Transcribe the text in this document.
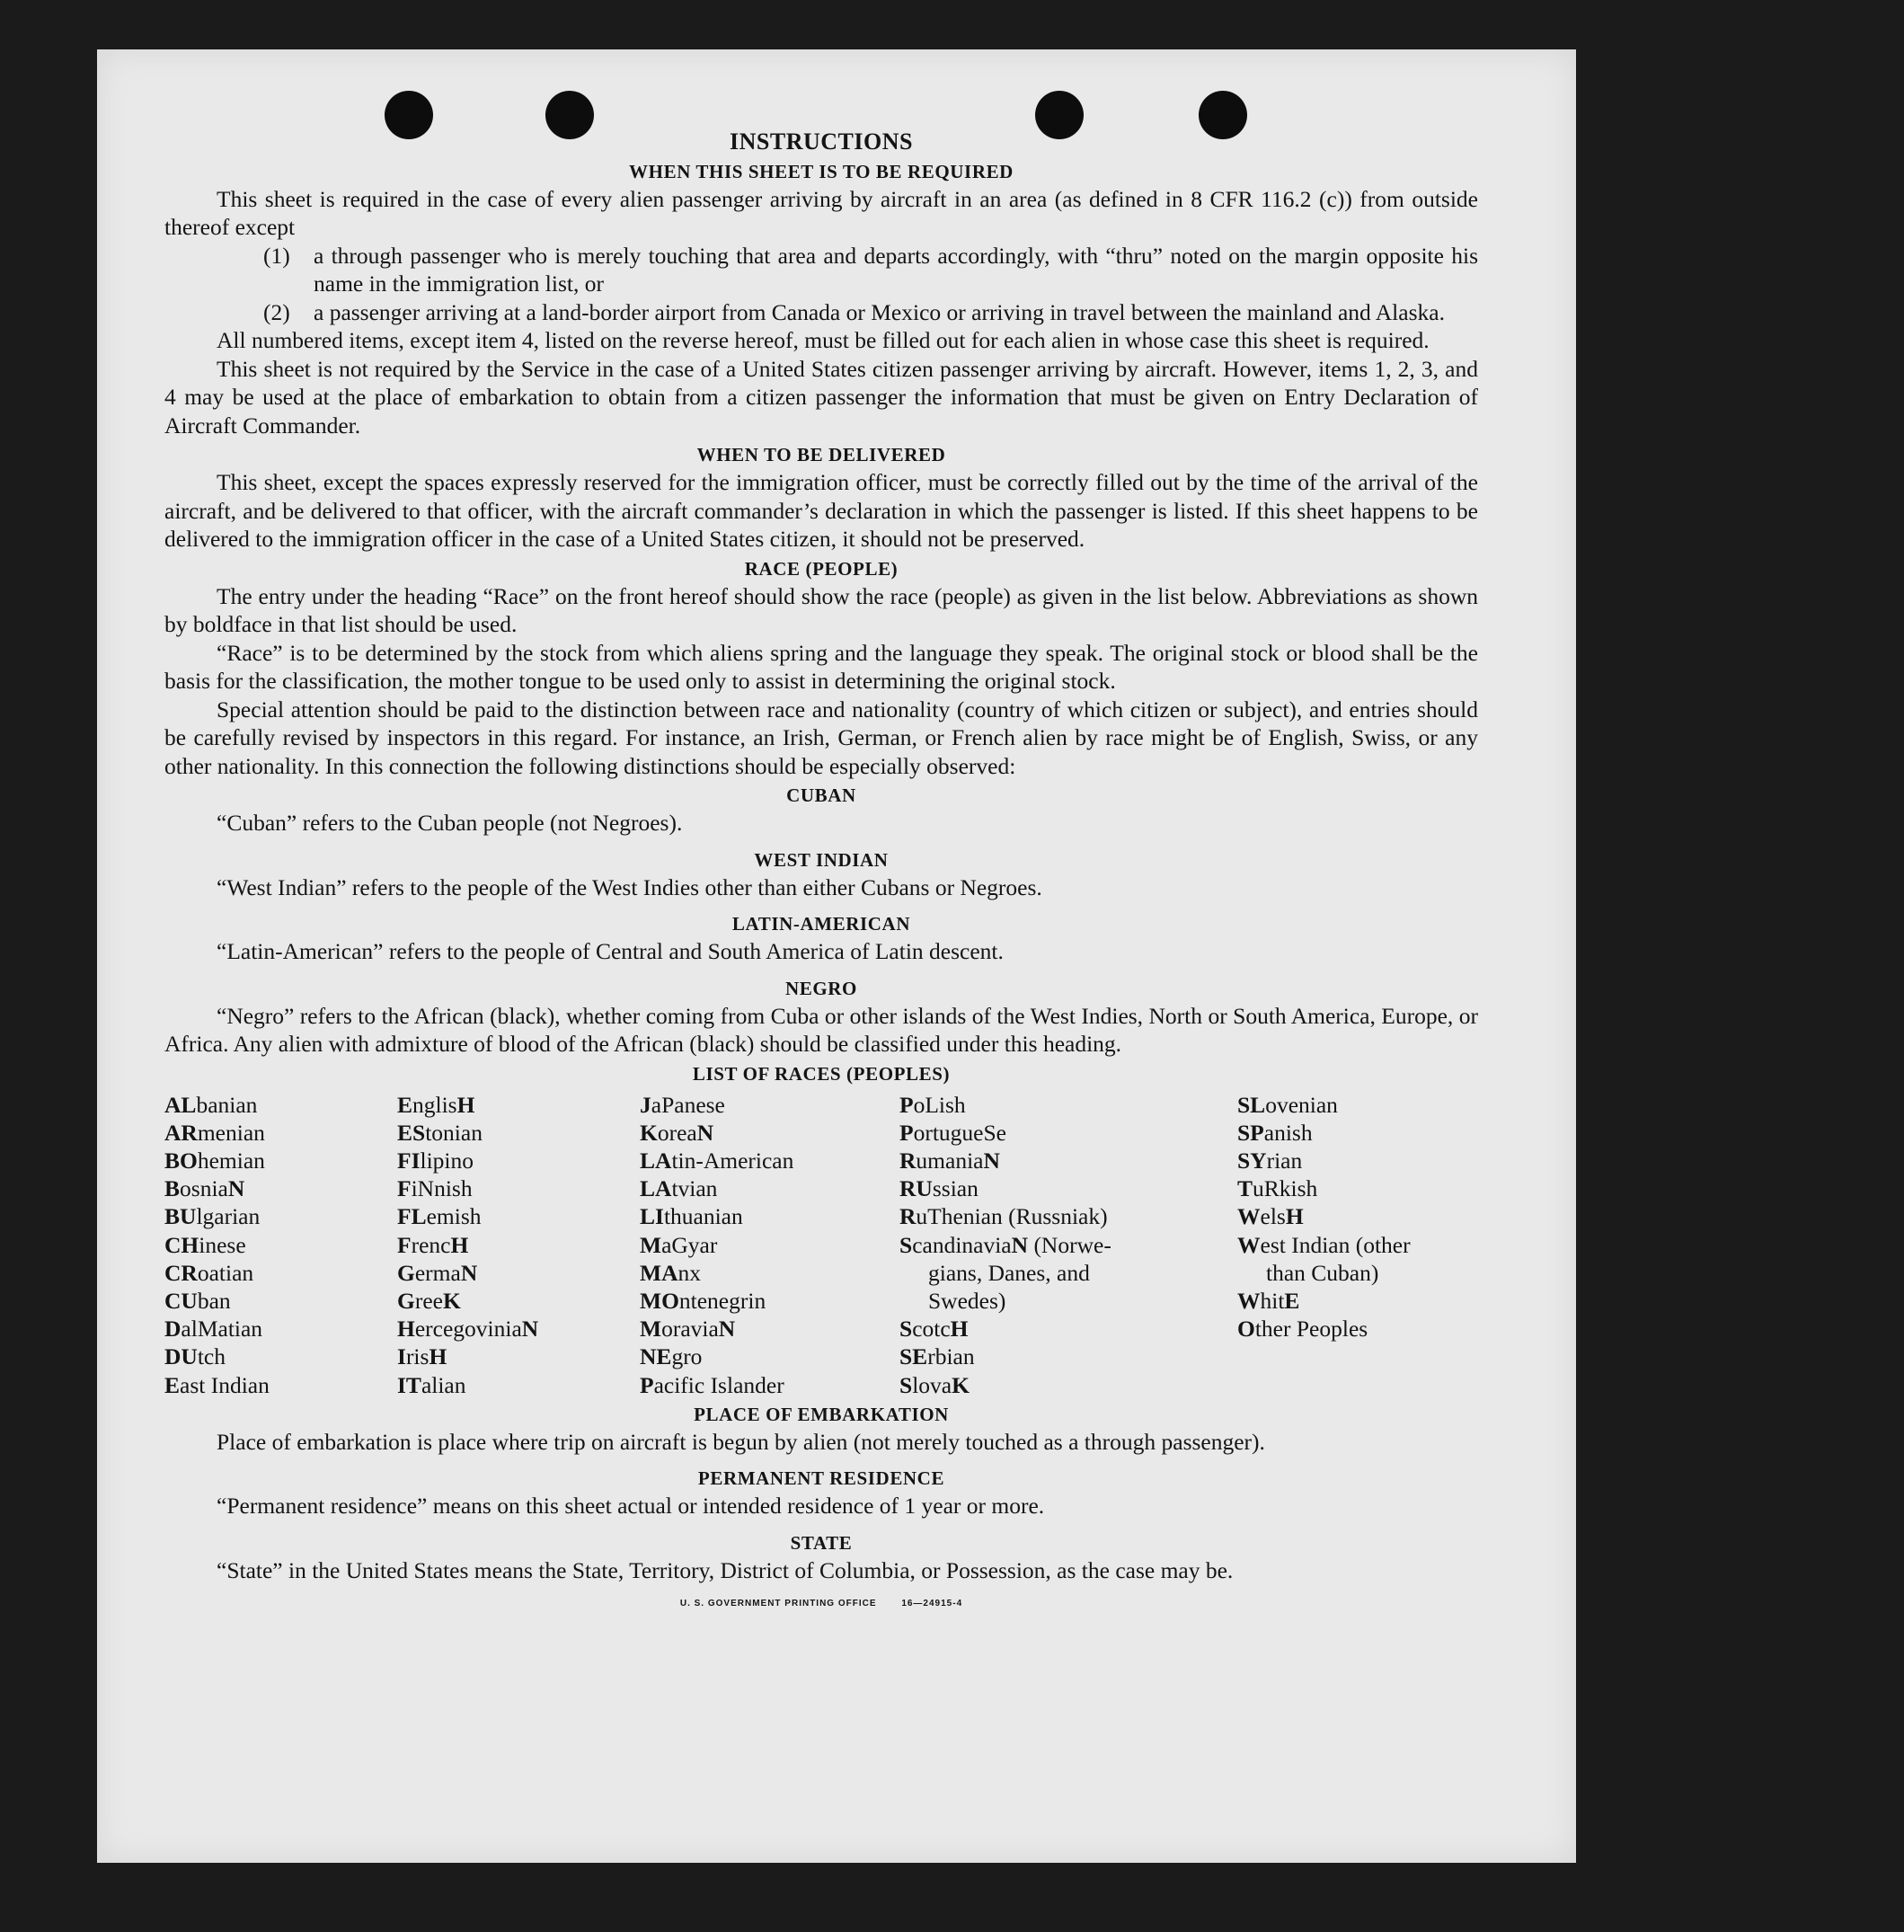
INSTRUCTIONS
WHEN THIS SHEET IS TO BE REQUIRED

This sheet is required in the case of every alien passenger arriving by aircraft in an area (as defined in 8 CFR 116.2 (c)) from outside thereof except

(1)	a through passenger who is merely touching that area and departs accordingly, with “thru” noted on the margin opposite his name in the immigration list, or
(2)	a passenger arriving at a land-border airport from Canada or Mexico or arriving in travel between the mainland and Alaska.

All numbered items, except item 4, listed on the reverse hereof, must be filled out for each alien in whose case this sheet is required.

This sheet is not required by the Service in the case of a United States citizen passenger arriving by aircraft. However, items 1, 2, 3, and 4 may be used at the place of embarkation to obtain from a citizen passenger the information that must be given on Entry Declaration of Aircraft Commander.

WHEN TO BE DELIVERED

This sheet, except the spaces expressly reserved for the immigration officer, must be correctly filled out by the time of the arrival of the aircraft, and be delivered to that officer, with the aircraft commander’s declaration in which the passenger is listed. If this sheet happens to be delivered to the immigration officer in the case of a United States citizen, it should not be preserved.

RACE (PEOPLE)

The entry under the heading “Race” on the front hereof should show the race (people) as given in the list below. Abbreviations as shown by boldface in that list should be used.

“Race” is to be determined by the stock from which aliens spring and the language they speak. The original stock or blood shall be the basis for the classification, the mother tongue to be used only to assist in determining the original stock.

Special attention should be paid to the distinction between race and nationality (country of which citizen or subject), and entries should be carefully revised by inspectors in this regard. For instance, an Irish, German, or French alien by race might be of English, Swiss, or any other nationality. In this connection the following distinctions should be especially observed:

CUBAN

“Cuban” refers to the Cuban people (not Negroes).

WEST INDIAN

“West Indian” refers to the people of the West Indies other than either Cubans or Negroes.

LATIN-AMERICAN

“Latin-American” refers to the people of Central and South America of Latin descent.

NEGRO

“Negro” refers to the African (black), whether coming from Cuba or other islands of the West Indies, North or South America, Europe, or Africa. Any alien with admixture of blood of the African (black) should be classified under this heading.

LIST OF RACES (PEOPLES)
ALbanian
ARmenian
BOhemian
BosniaN
BUlgarian
CHinese
CRoatian
CUban
DalMatian
DUtch
East Indian
EnglisH
EStonian
FIlipino
FiNnish
FLemish
FrencH
GermaN
GreeK
HercegoviniaN
IrisH
ITalian
JaPanese
KoreaN
LAtin-American
LAtvian
LIthuanian
MaGyar
MAnx
MOntenegrin
MoraviaN
NEgro
Pacific Islander
PoLish
PortugueSe
RumaniaN
RUssian
RuThenian (Russniak)
ScandinaviaN (Norwe-
gians, Danes, and
Swedes)
ScotcH
SErbian
SlovaK
SLovenian
SPanish
SYrian
TuRkish
WelsH
West Indian (other
than Cuban)
WhitE
Other Peoples
PLACE OF EMBARKATION

Place of embarkation is place where trip on aircraft is begun by alien (not merely touched as a through passenger).

PERMANENT RESIDENCE

“Permanent residence” means on this sheet actual or intended residence of 1 year or more.

STATE

“State” in the United States means the State, Territory, District of Columbia, or Possession, as the case may be.

U. S. GOVERNMENT PRINTING OFFICE	16—24915-4
